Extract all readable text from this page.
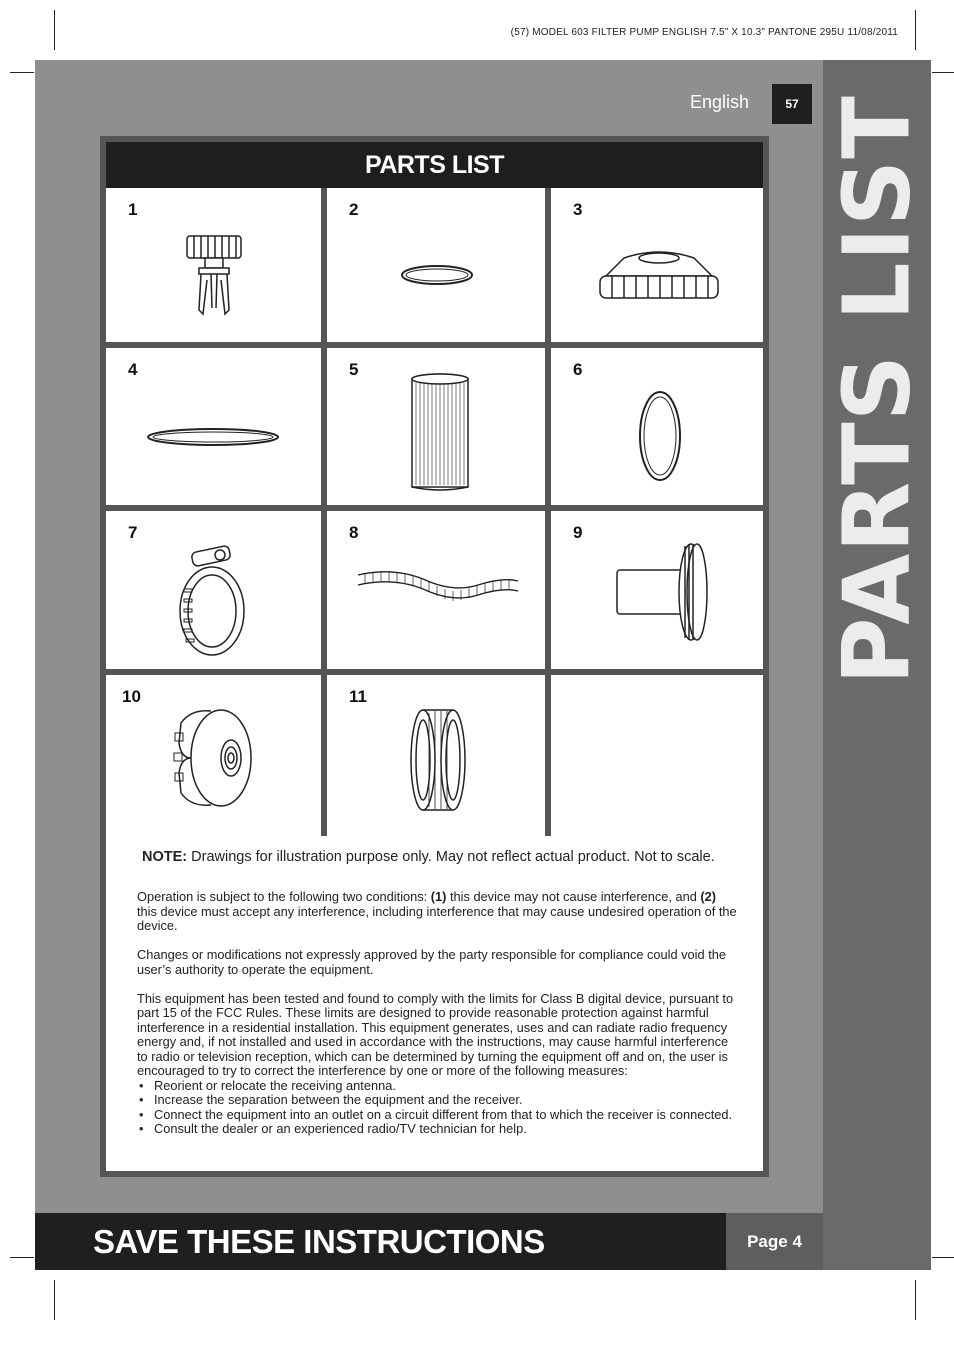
(57) MODEL 603 FILTER PUMP ENGLISH 7.5” X 10.3” PANTONE 295U 11/08/2011
PARTS LIST
English	57
PARTS LIST
1	2	3
4	5	6
7	8	9
10	11
NOTE: Drawings for illustration purpose only. May not reflect actual product. Not to scale.

Operation is subject to the following two conditions: (1) this device may not cause interference, and (2) this device must accept any interference, including interference that may cause undesired operation of the device.

Changes or modifications not expressly approved by the party responsible for compliance could void the user’s authority to operate the equipment.

This equipment has been tested and found to comply with the limits for Class B digital device, pursuant to part 15 of the FCC Rules. These limits are designed to provide reasonable protection against harmful interference in a residential installation. This equipment generates, uses and can radiate radio frequency energy and, if not installed and used in accordance with the instructions, may cause harmful interference to radio or television reception, which can be determined by turning the equipment off and on, the user is encouraged to try to correct the interference by one or more of the following measures:

• Reorient or relocate the receiving antenna.
• Increase the separation between the equipment and the receiver.
• Connect the equipment into an outlet on a circuit different from that to which the receiver is connected.
• Consult the dealer or an experienced radio/TV technician for help.
SAVE THESE INSTRUCTIONS	Page 4
